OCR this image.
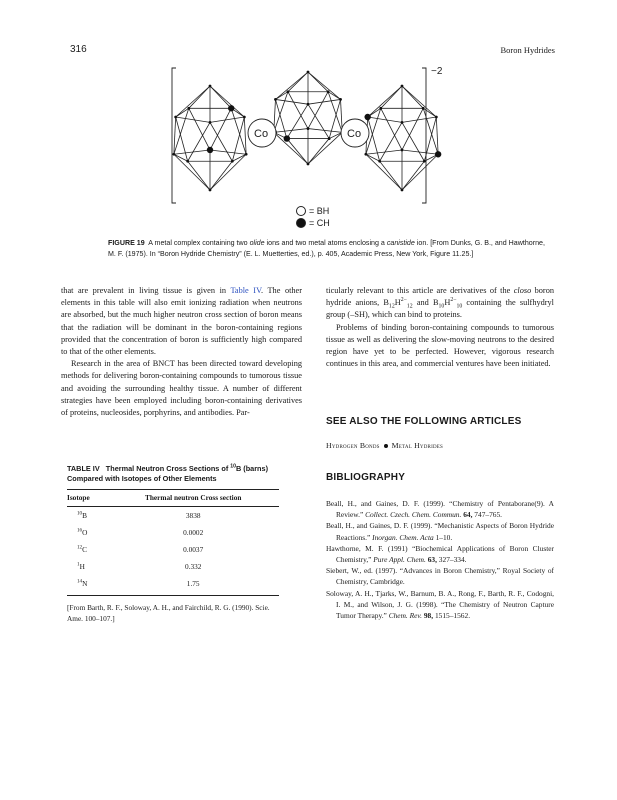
316	Boron Hydrides
−2
Co	Co
= BH
= CH
FIGURE 19 A metal complex containing two olide ions and two metal atoms enclosing a canistide ion. [From Dunks, G. B., and Hawthorne, M. F. (1975). In “Boron Hydride Chemistry” (E. L. Muetterties, ed.), p. 405, Academic Press, New York, Figure 11.25.]

that are prevalent in living tissue is given in Table IV. The other elements in this table will also emit ionizing radiation when neutrons are absorbed, but the much higher neutron cross section of boron means that the radiation will be dominant in the boron-containing regions provided that the concentration of boron is sufficiently high compared to that of the other elements.

Research in the area of BNCT has been directed toward developing methods for delivering boron-containing compounds to tumorous tissue and avoiding the surrounding healthy tissue. A number of different strategies have been employed including boron-containing derivatives of proteins, nucleosides, porphyrins, and antibodies. Par-

TABLE IV Thermal Neutron Cross Sections of $^{10}$B (barns) Compared with Isotopes of Other Elements
Isotope	Thermal neutron Cross section
$^{10}$B	3838
$^{16}$O	0.0002
$^{12}$C	0.0037
$^1$H	0.332
$^{14}$N	1.75
[From Barth, R. F., Soloway, A. H., and Fairchild, R. G. (1990). Scie. Ame. 100–107.]

ticularly relevant to this article are derivatives of the closo boron hydride anions, $B_{12}H^{2-}_{12}$ and $B_{10}H^{2-}_{10}$ containing the sulfhydryl group (–SH), which can bind to proteins.

Problems of binding boron-containing compounds to tumorous tissue as well as delivering the slow-moving neutrons to the desired region have yet to be perfected. However, vigorous research continues in this area, and commercial ventures have been initiated.

SEE ALSO THE FOLLOWING ARTICLES
Hydrogen Bonds Metal Hydrides
BIBLIOGRAPHY
Beall, H., and Gaines, D. F. (1999). “Chemistry of Pentaborane(9). A Review.” Collect. Czech. Chem. Commun. 64, 747–765.
Beall, H., and Gaines, D. F. (1999). “Mechanistic Aspects of Boron Hydride Reactions.” Inorgan. Chem. Acta 1–10.
Hawthorne, M. F. (1991) “Biochemical Applications of Boron Cluster Chemistry,” Pure Appl. Chem. 63, 327–334.
Siebert, W., ed. (1997). “Advances in Boron Chemistry,” Royal Society of Chemistry, Cambridge.
Soloway, A. H., Tjarks, W., Barnum, B. A., Rong, F., Barth, R. F., Codogni, I. M., and Wilson, J. G. (1998). “The Chemistry of Neutron Capture Tumor Therapy.” Chem. Rev. 98, 1515–1562.
